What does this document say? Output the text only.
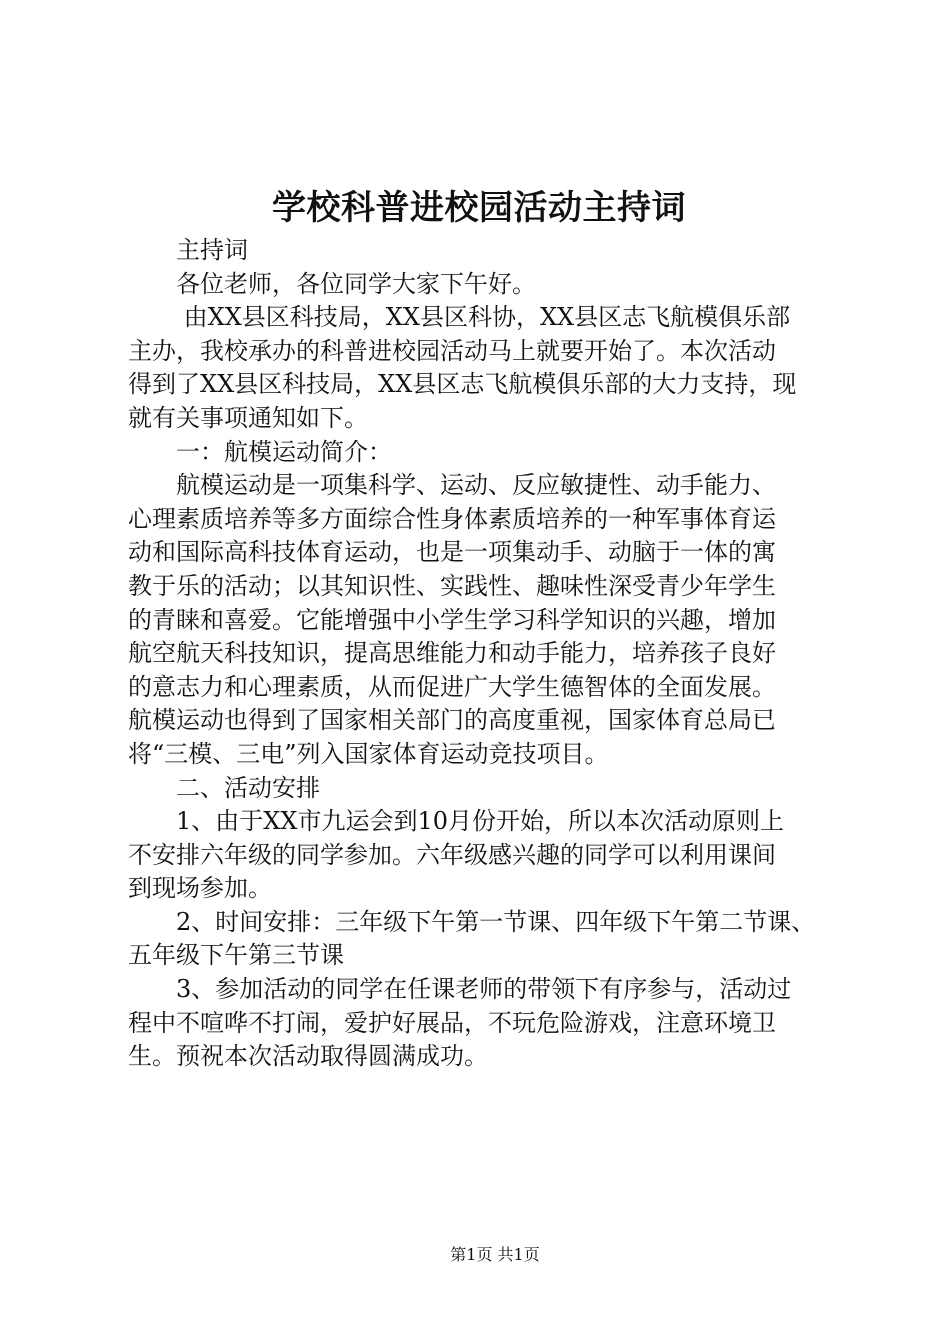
学校科普进校园活动主持词
　　主持词
　　各位老师，各位同学大家下午好。
　　 由XX县区科技局，XX县区科协，XX县区志飞航模俱乐部
主办，我校承办的科普进校园活动马上就要开始了。本次活动
得到了XX县区科技局，XX县区志飞航模俱乐部的大力支持，现
就有关事项通知如下。
　　一：航模运动简介：
　　航模运动是一项集科学、运动、反应敏捷性、动手能力、
心理素质培养等多方面综合性身体素质培养的一种军事体育运
动和国际高科技体育运动，也是一项集动手、动脑于一体的寓
教于乐的活动；以其知识性、实践性、趣味性深受青少年学生
的青睐和喜爱。它能增强中小学生学习科学知识的兴趣，增加
航空航天科技知识，提高思维能力和动手能力，培养孩子良好
的意志力和心理素质，从而促进广大学生德智体的全面发展。
航模运动也得到了国家相关部门的高度重视，国家体育总局已
将“三模、三电”列入国家体育运动竞技项目。
　　二、活动安排
　　1、由于XX市九运会到10月份开始，所以本次活动原则上
不安排六年级的同学参加。六年级感兴趣的同学可以利用课间
到现场参加。
　　2、时间安排：三年级下午第一节课、四年级下午第二节课、
五年级下午第三节课
　　3、参加活动的同学在任课老师的带领下有序参与，活动过
程中不喧哗不打闹，爱护好展品，不玩危险游戏，注意环境卫
生。预祝本次活动取得圆满成功。
第1页 共1页
